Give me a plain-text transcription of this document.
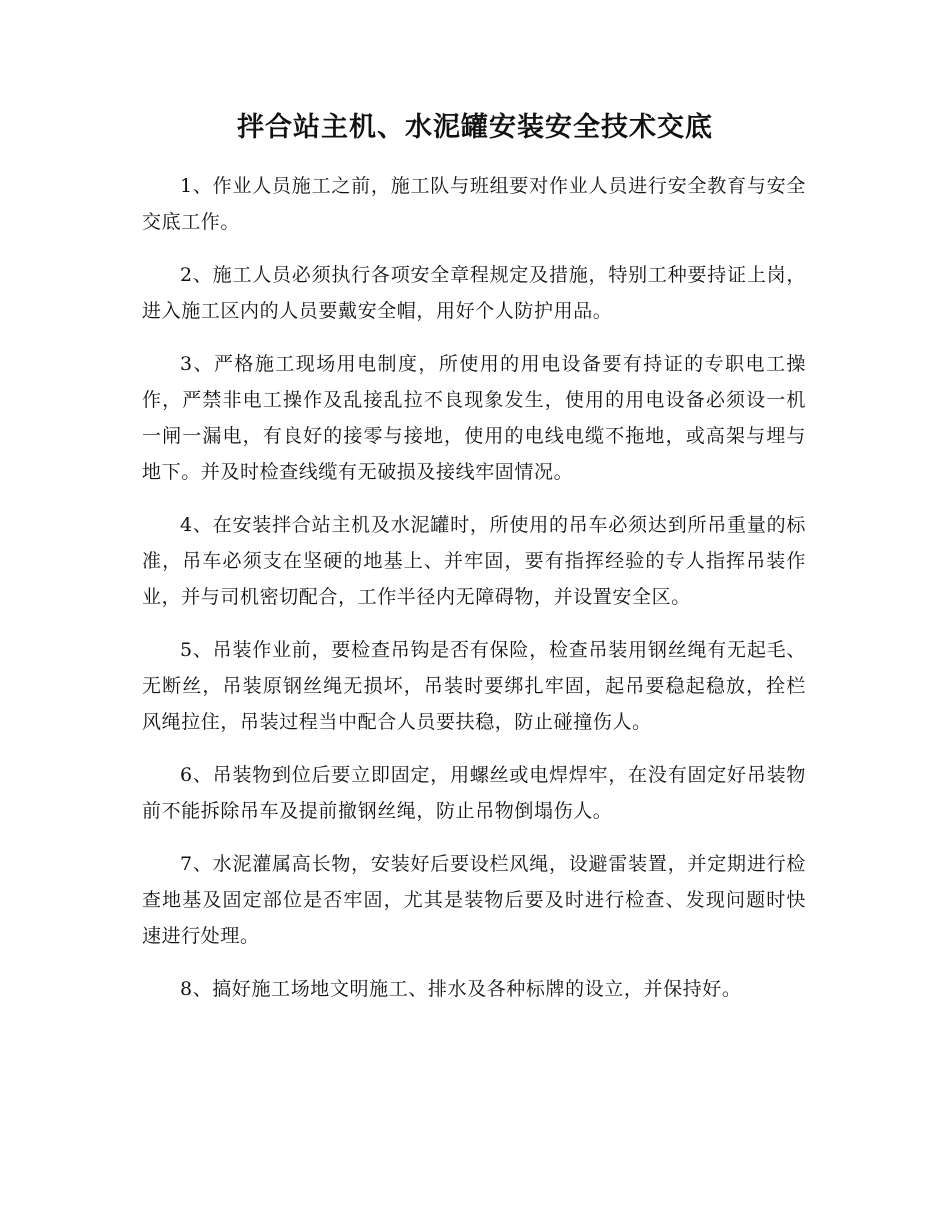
拌合站主机、水泥罐安装安全技术交底

1、作业人员施工之前，施工队与班组要对作业人员进行安全教育与安全交底工作。

2、施工人员必须执行各项安全章程规定及措施，特别工种要持证上岗，进入施工区内的人员要戴安全帽，用好个人防护用品。

3、严格施工现场用电制度，所使用的用电设备要有持证的专职电工操作，严禁非电工操作及乱接乱拉不良现象发生，使用的用电设备必须设一机一闸一漏电，有良好的接零与接地，使用的电线电缆不拖地，或高架与埋与地下。并及时检查线缆有无破损及接线牢固情况。

4、在安装拌合站主机及水泥罐时，所使用的吊车必须达到所吊重量的标准，吊车必须支在坚硬的地基上、并牢固，要有指挥经验的专人指挥吊装作业，并与司机密切配合，工作半径内无障碍物，并设置安全区。

5、吊装作业前，要检查吊钩是否有保险，检查吊装用钢丝绳有无起毛、无断丝，吊装原钢丝绳无损坏，吊装时要绑扎牢固，起吊要稳起稳放，拴栏风绳拉住，吊装过程当中配合人员要扶稳，防止碰撞伤人。

6、吊装物到位后要立即固定，用螺丝或电焊焊牢，在没有固定好吊装物前不能拆除吊车及提前撤钢丝绳，防止吊物倒塌伤人。

7、水泥灌属高长物，安装好后要设栏风绳，设避雷装置，并定期进行检查地基及固定部位是否牢固，尤其是装物后要及时进行检查、发现问题时快速进行处理。

8、搞好施工场地文明施工、排水及各种标牌的设立，并保持好。
